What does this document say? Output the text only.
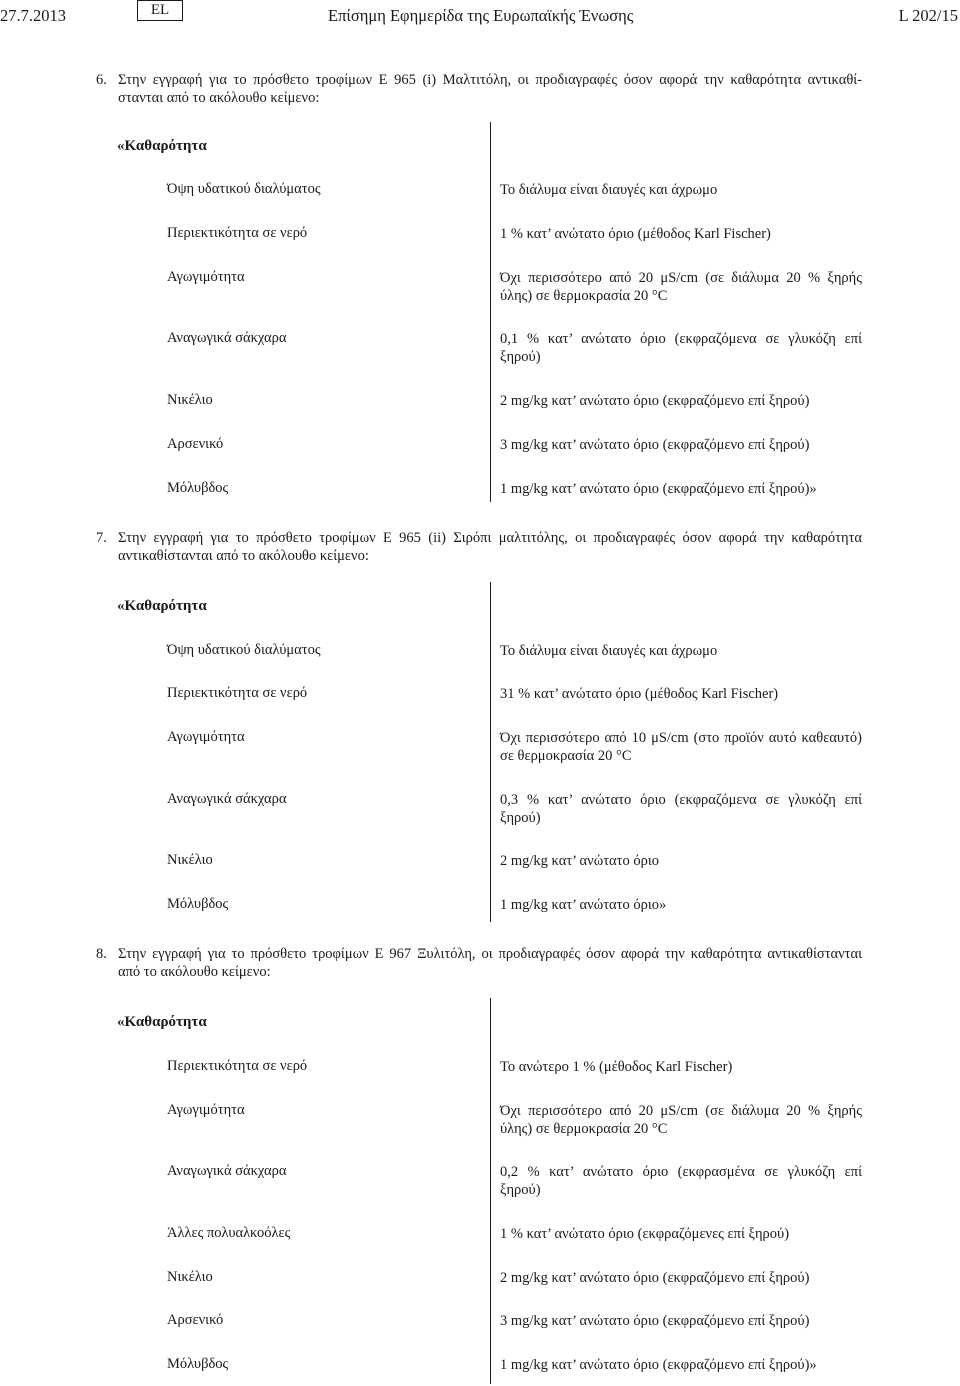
27.7.2013	EL	Επίσημη Εφημερίδα της Ευρωπαϊκής Ένωσης	L 202/15
6. Στην εγγραφή για το πρόσθετο τροφίμων E 965 (i) Μαλτιτόλη, οι προδιαγραφές όσον αφορά την καθαρότητα αντικαθί-
στανται από το ακόλουθο κείμενο:
«Καθαρότητα
Όψη υδατικού διαλύματος	Το διάλυμα είναι διαυγές και άχρωμο
Περιεκτικότητα σε νερό	1 % κατ’ ανώτατο όριο (μέθοδος Karl Fischer)
Αγωγιμότητα	Όχι περισσότερο από 20 μS/cm (σε διάλυμα 20 % ξηρής
ύλης) σε θερμοκρασία 20 °C
Αναγωγικά σάκχαρα	0,1 % κατ’ ανώτατο όριο (εκφραζόμενα σε γλυκόζη επί
ξηρού)
Νικέλιο	2 mg/kg κατ’ ανώτατο όριο (εκφραζόμενο επί ξηρού)
Αρσενικό	3 mg/kg κατ’ ανώτατο όριο (εκφραζόμενο επί ξηρού)
Μόλυβδος	1 mg/kg κατ’ ανώτατο όριο (εκφραζόμενο επί ξηρού)»
7. Στην εγγραφή για το πρόσθετο τροφίμων E 965 (ii) Σιρόπι μαλτιτόλης, οι προδιαγραφές όσον αφορά την καθαρότητα
αντικαθίστανται από το ακόλουθο κείμενο:
«Καθαρότητα
Όψη υδατικού διαλύματος	Το διάλυμα είναι διαυγές και άχρωμο
Περιεκτικότητα σε νερό	31 % κατ’ ανώτατο όριο (μέθοδος Karl Fischer)
Αγωγιμότητα	Όχι περισσότερο από 10 μS/cm (στο προϊόν αυτό καθεαυτό)
σε θερμοκρασία 20 °C
Αναγωγικά σάκχαρα	0,3 % κατ’ ανώτατο όριο (εκφραζόμενα σε γλυκόζη επί
ξηρού)
Νικέλιο	2 mg/kg κατ’ ανώτατο όριο
Μόλυβδος	1 mg/kg κατ’ ανώτατο όριο»
8. Στην εγγραφή για το πρόσθετο τροφίμων E 967 Ξυλιτόλη, οι προδιαγραφές όσον αφορά την καθαρότητα αντικαθίστανται
από το ακόλουθο κείμενο:
«Καθαρότητα
Περιεκτικότητα σε νερό	Το ανώτερο 1 % (μέθοδος Karl Fischer)
Αγωγιμότητα	Όχι περισσότερο από 20 μS/cm (σε διάλυμα 20 % ξηρής
ύλης) σε θερμοκρασία 20 °C
Αναγωγικά σάκχαρα	0,2 % κατ’ ανώτατο όριο (εκφρασμένα σε γλυκόζη επί
ξηρού)
Άλλες πολυαλκοόλες	1 % κατ’ ανώτατο όριο (εκφραζόμενες επί ξηρού)
Νικέλιο	2 mg/kg κατ’ ανώτατο όριο (εκφραζόμενο επί ξηρού)
Αρσενικό	3 mg/kg κατ’ ανώτατο όριο (εκφραζόμενο επί ξηρού)
Μόλυβδος	1 mg/kg κατ’ ανώτατο όριο (εκφραζόμενο επί ξηρού)»
